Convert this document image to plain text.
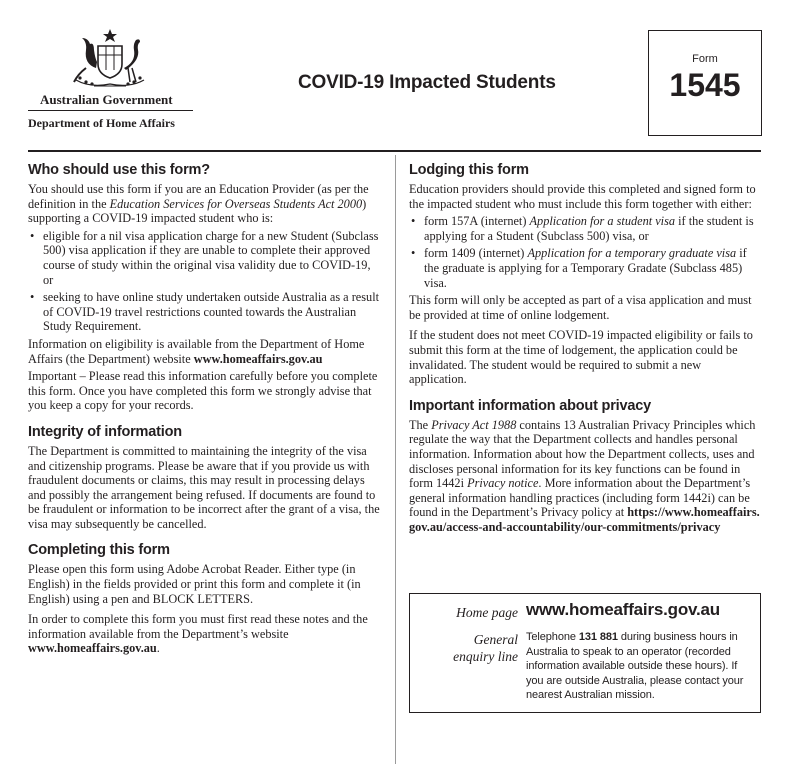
Australian Government
Department of Home Affairs
COVID-19 Impacted Students
Form
1545
Who should use this form?

You should use this form if you are an Education Provider (as per the definition in the Education Services for Overseas Students Act 2000) supporting a COVID-19 impacted student who is:

• eligible for a nil visa application charge for a new Student (Subclass 500) visa application if they are unable to complete their approved course of study within the original visa validity due to COVID-19, or
• seeking to have online study undertaken outside Australia as a result of COVID-19 travel restrictions counted towards the Australian Study Requirement.

Information on eligibility is available from the Department of Home Affairs (the Department) website www.homeaffairs.gov.au

Important – Please read this information carefully before you complete this form. Once you have completed this form we strongly advise that you keep a copy for your records.

Integrity of information

The Department is committed to maintaining the integrity of the visa and citizenship programs. Please be aware that if you provide us with fraudulent documents or claims, this may result in processing delays and possibly the arrangement being refused. If documents are found to be fraudulent or information to be incorrect after the grant of a visa, the visa may subsequently be cancelled.

Completing this form

Please open this form using Adobe Acrobat Reader. Either type (in English) in the fields provided or print this form and complete it (in English) using a pen and BLOCK LETTERS.

In order to complete this form you must first read these notes and the information available from the Department’s website www.homeaffairs.gov.au.

Lodging this form

Education providers should provide this completed and signed form to the impacted student who must include this form together with either:

• form 157A (internet) Application for a student visa if the student is applying for a Student (Subclass 500) visa, or
• form 1409 (internet) Application for a temporary graduate visa if the graduate is applying for a Temporary Gradate (Subclass 485) visa.

This form will only be accepted as part of a visa application and must be provided at time of online lodgement.

If the student does not meet COVID-19 impacted eligibility or fails to submit this form at the time of lodgement, the application could be invalidated. The student would be required to submit a new application.

Important information about privacy

The Privacy Act 1988 contains 13 Australian Privacy Principles which regulate the way that the Department collects and handles personal information. Information about how the Department collects, uses and discloses personal information for its key functions can be found in form 1442i Privacy notice. More information about the Department’s general information handling practices (including form 1442i) can be found in the Department’s Privacy policy at https://www.homeaffairs.gov.au/access-and-accountability/our-commitments/privacy

Home page www.homeaffairs.gov.au
General
enquiry line
Telephone 131 881 during business hours in Australia to speak to an operator (recorded information available outside these hours). If you are outside Australia, please contact your nearest Australian mission.
